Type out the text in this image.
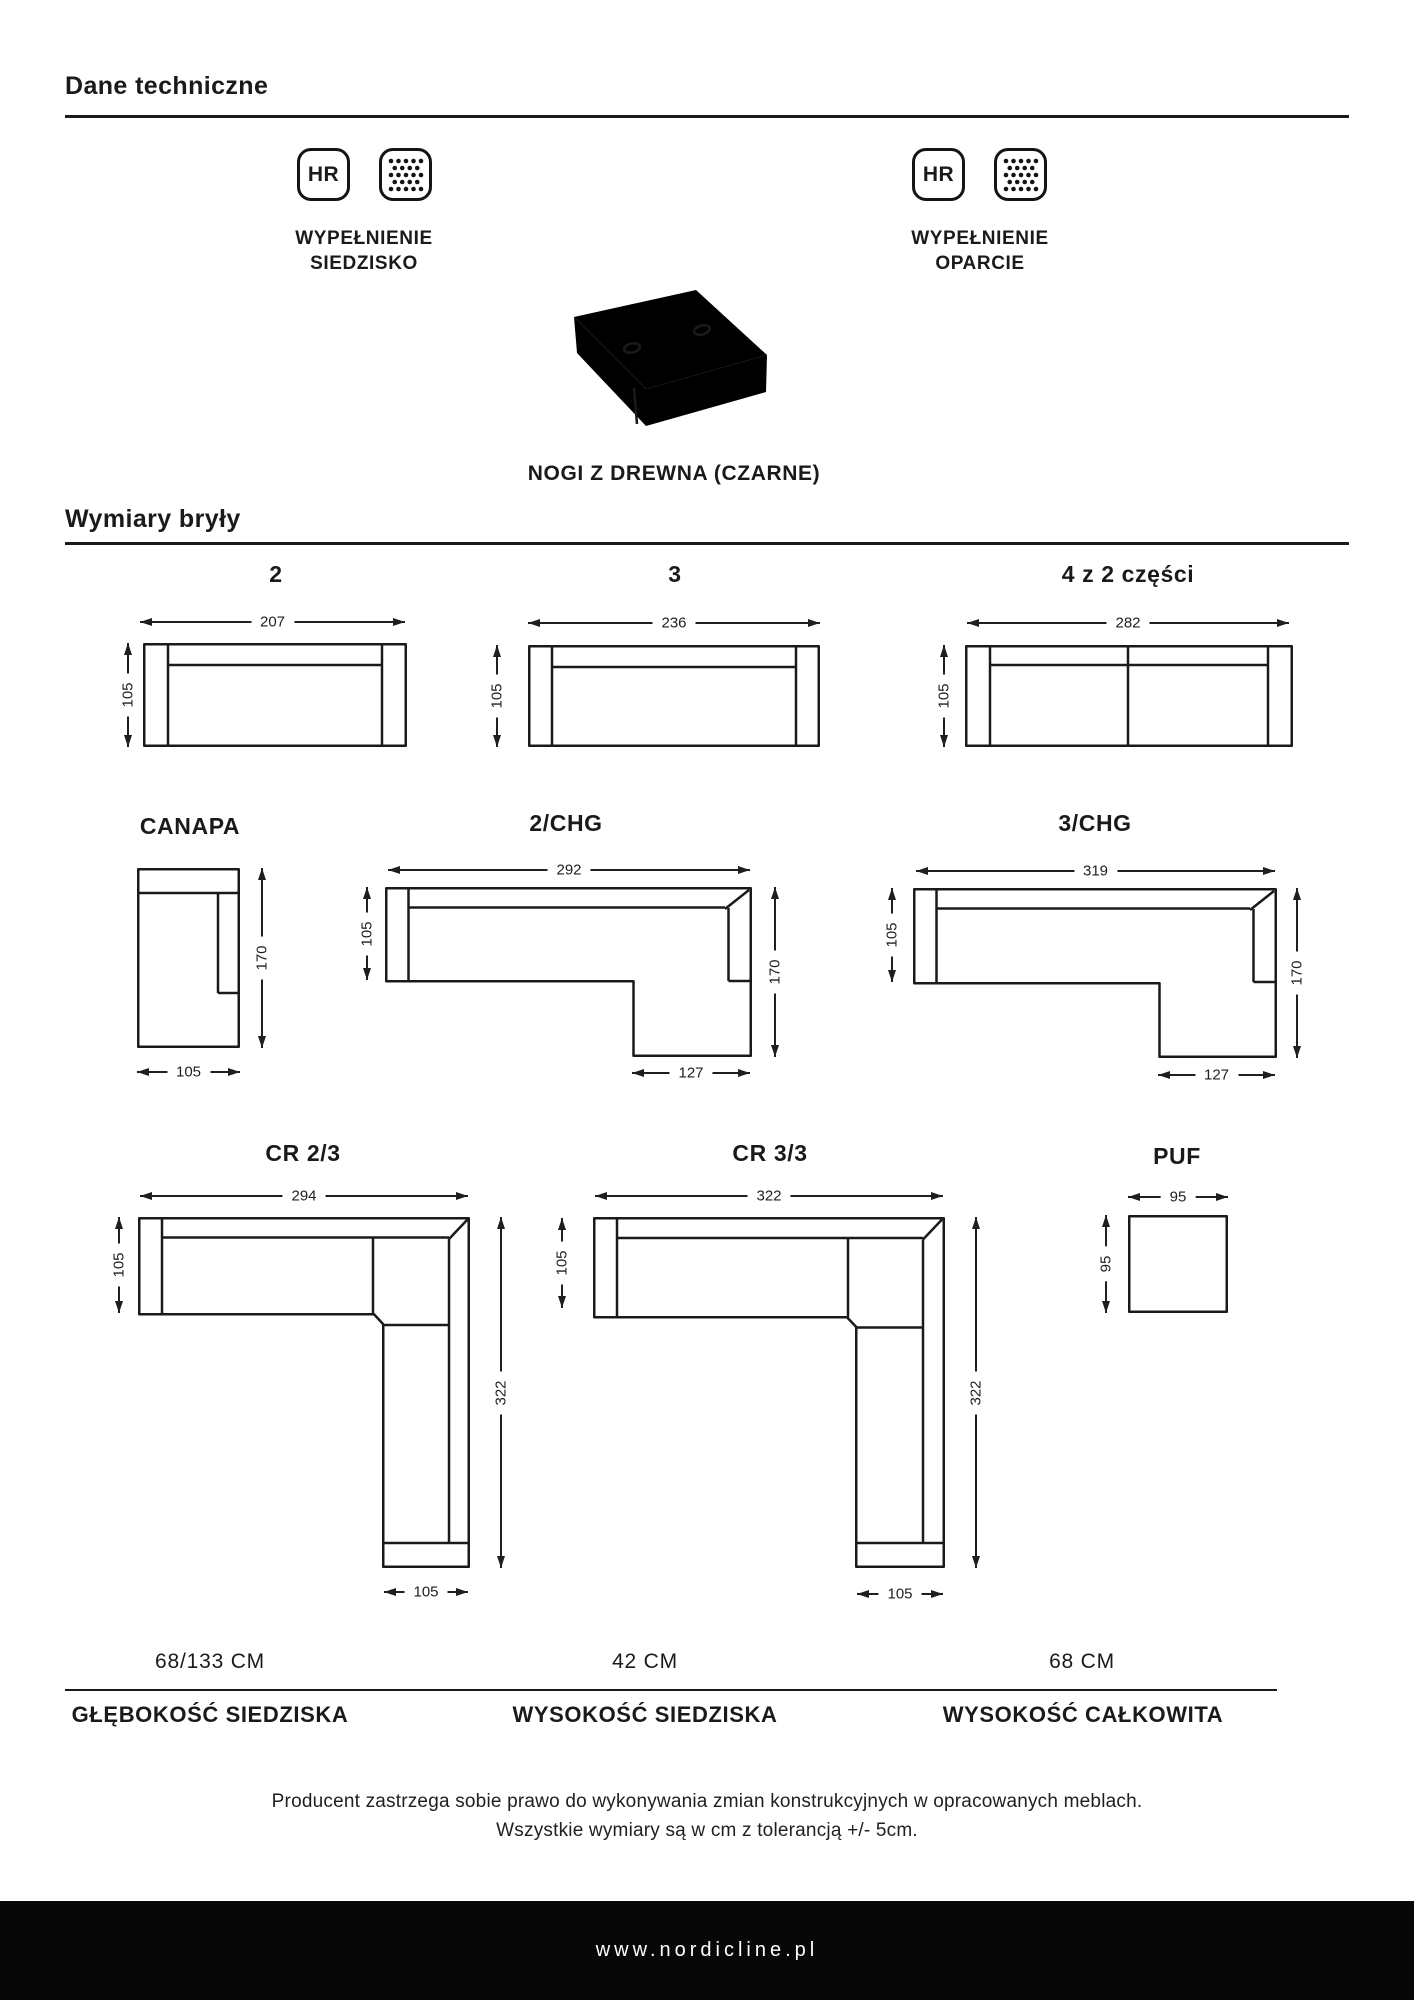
Dane techniczne
HR
WYPEŁNIENIE
SIEDZISKO
HR
WYPEŁNIENIE
OPARCIE
NOGI Z DREWNA (CZARNE)
Wymiary bryły
2	3	4 z 2 części
207
105
236
105
282
105
CANAPA
170
105
2/CHG
292
105
170
127
3/CHG
319
105
170
127
CR 2/3
294
105
322
105
CR 3/3
322
105
322
105
PUF
95
95
68/133 CM	42 CM	68 CM
GŁĘBOKOŚĆ SIEDZISKA	WYSOKOŚĆ SIEDZISKA	WYSOKOŚĆ CAŁKOWITA
Producent zastrzega sobie prawo do wykonywania zmian konstrukcyjnych w opracowanych meblach.
Wszystkie wymiary są w cm z tolerancją +/- 5cm.
www.nordicline.pl
